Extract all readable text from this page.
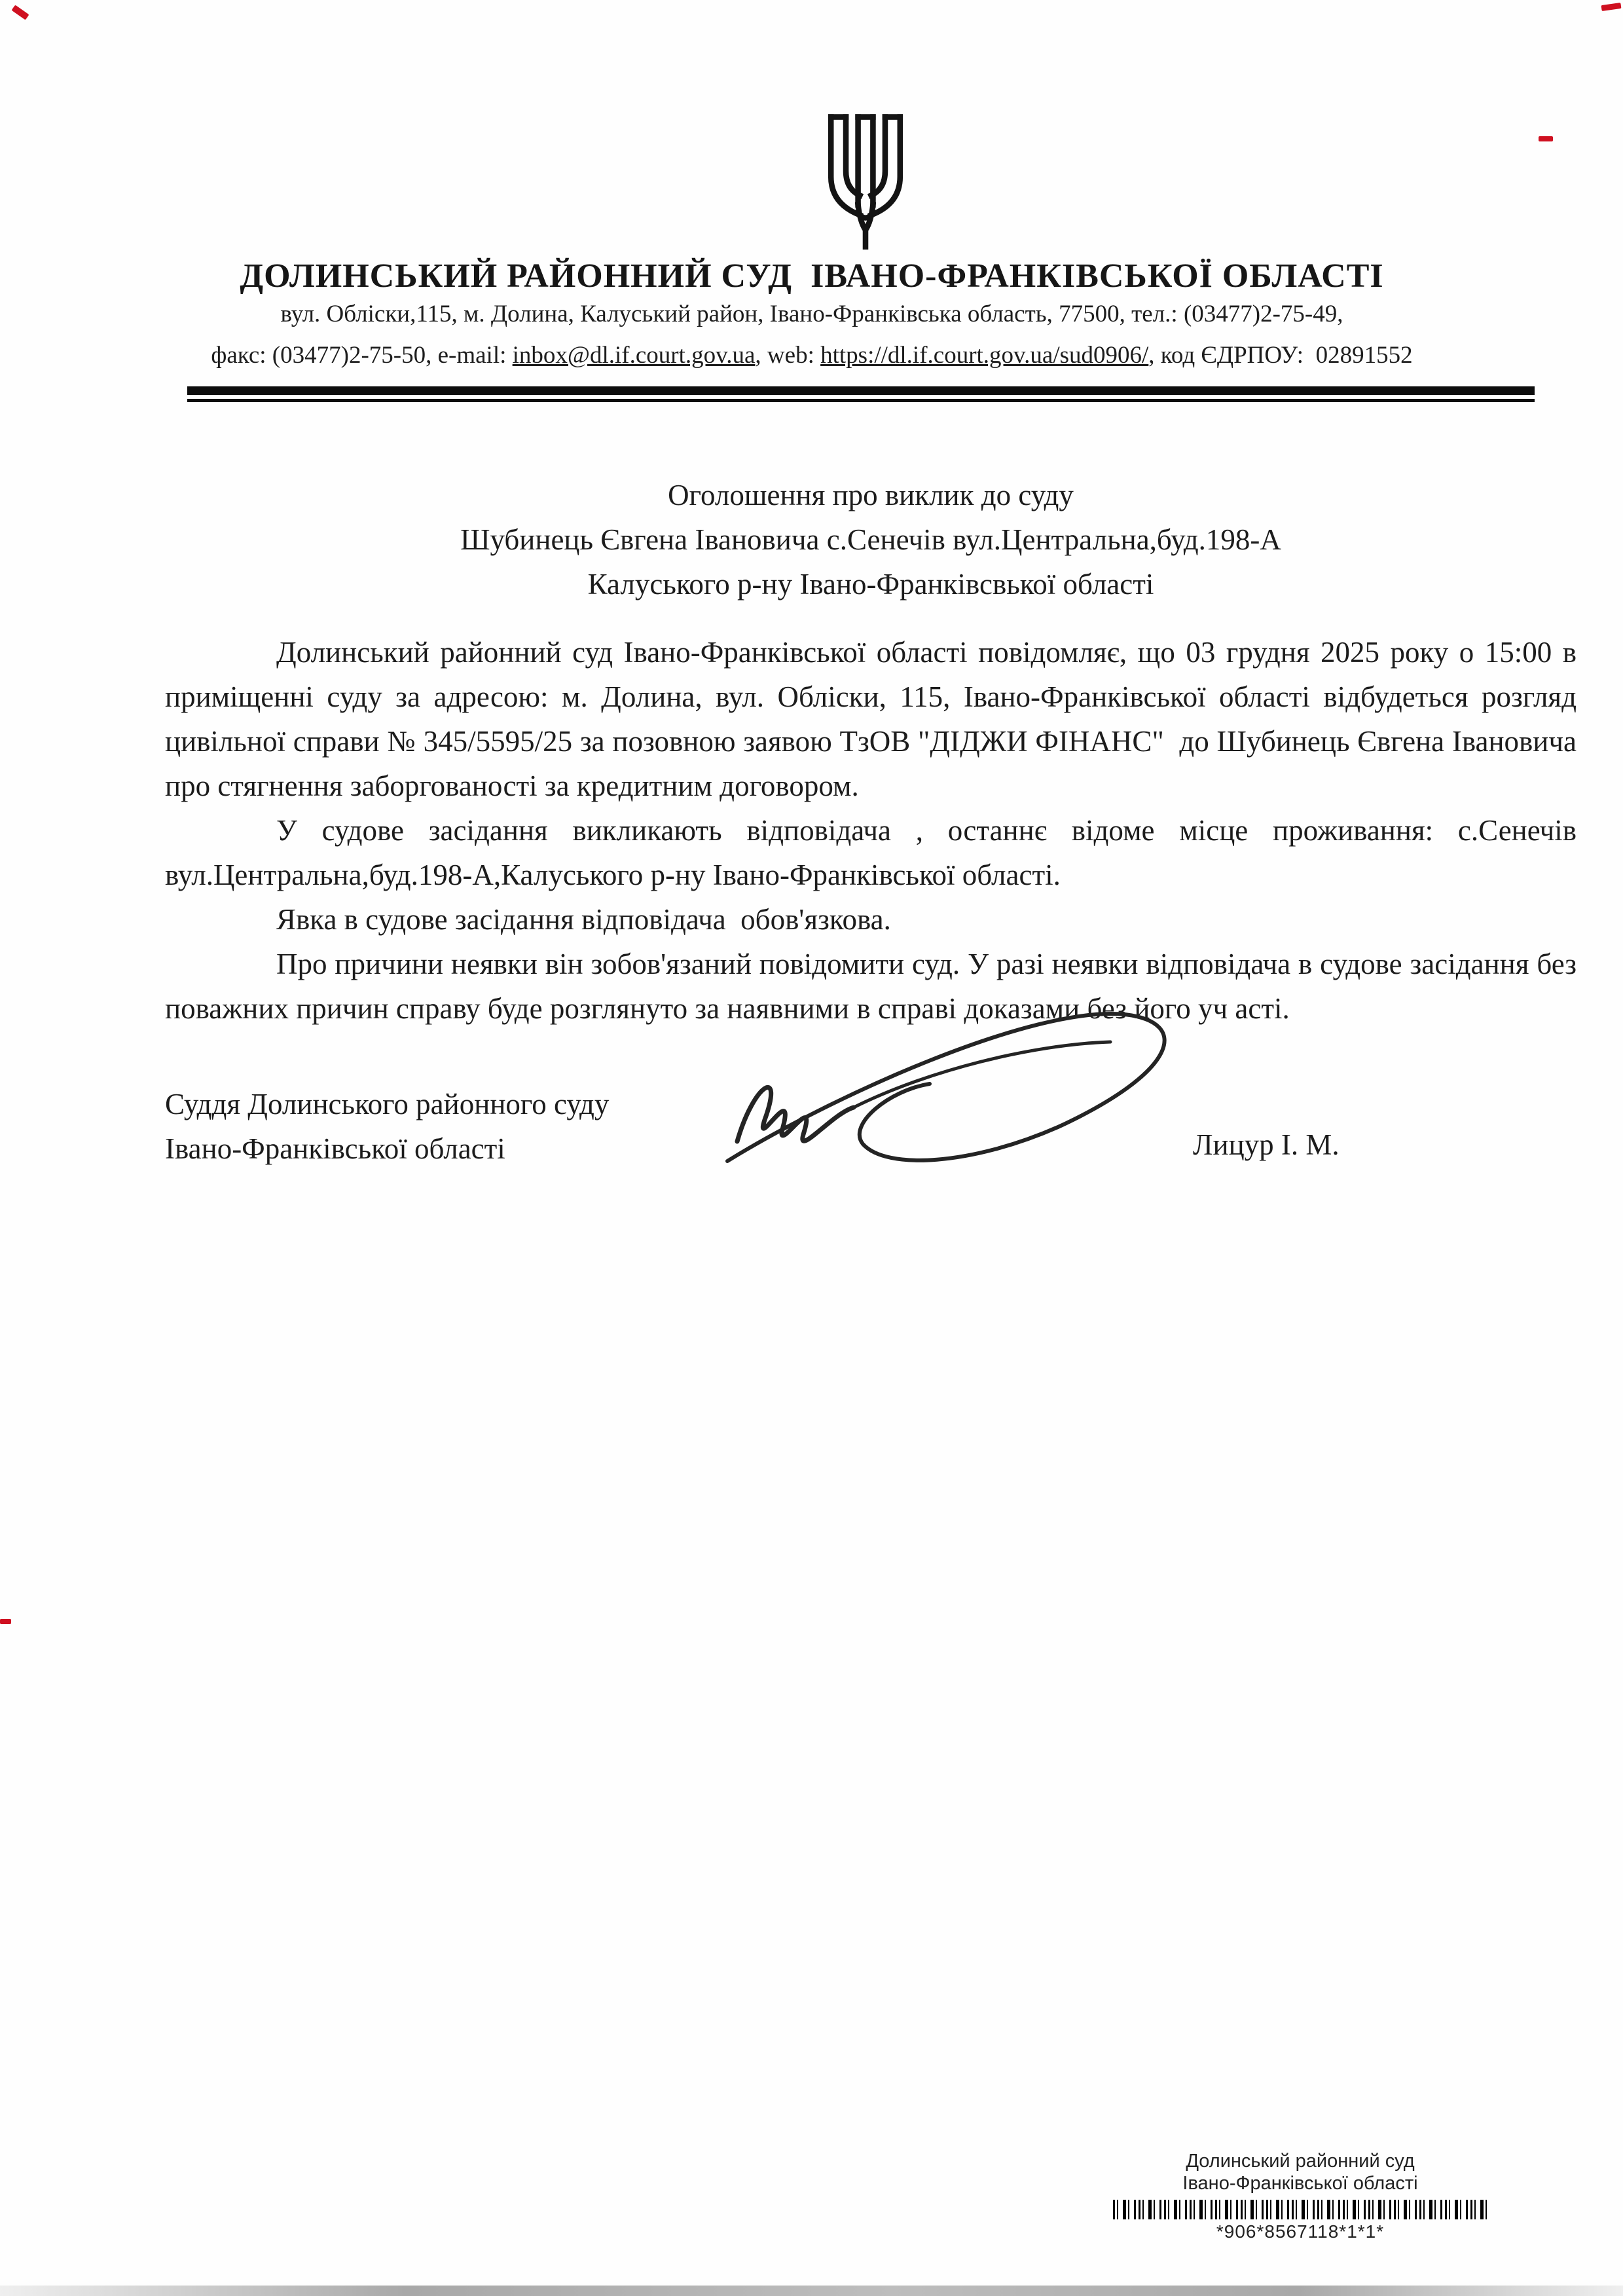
ДОЛИНСЬКИЙ РАЙОННИЙ СУД  ІВАНО-ФРАНКІВСЬКОЇ ОБЛАСТІ
вул. Обліски,115, м. Долина, Калуський район, Івано-Франківська область, 77500, тел.: (03477)2-75-49,
факс: (03477)2-75-50, e-mail: inbox@dl.if.court.gov.ua, web: https://dl.if.court.gov.ua/sud0906/, код ЄДРПОУ:  02891552
Оголошення про виклик до суду
Шубинець Євгена Івановича с.Сенечів вул.Центральна,буд.198-А
Калуського р-ну Івано-Франківсвької області

Долинський районний суд Івано-Франківської області повідомляє, що 03 грудня 2025 року о 15:00 в приміщенні суду за адресою: м. Долина, вул. Обліски, 115, Івано-Франківської області відбудеться розгляд цивільної справи № 345/5595/25 за позовною заявою ТзОВ "ДІДЖИ ФІНАНС"  до Шубинець Євгена Івановича    про стягнення заборгованості за кредитним договором.

У судове засідання викликають відповідача , останнє відоме місце проживання: с.Сенечів вул.Центральна,буд.198-А,Калуського р-ну Івано-Франківської області.

Явка в судове засідання відповідача  обов'язкова.

Про причини неявки він зобов'язаний повідомити суд. У разі неявки відповідача в судове засідання без поважних причин справу буде розглянуто за наявними в справі доказами без його уч асті.

Суддя Долинського районного суду
Івано-Франківської області	Лицур І. М.
Долинський районний суд
Івано-Франківської області
*906*8567118*1*1*
